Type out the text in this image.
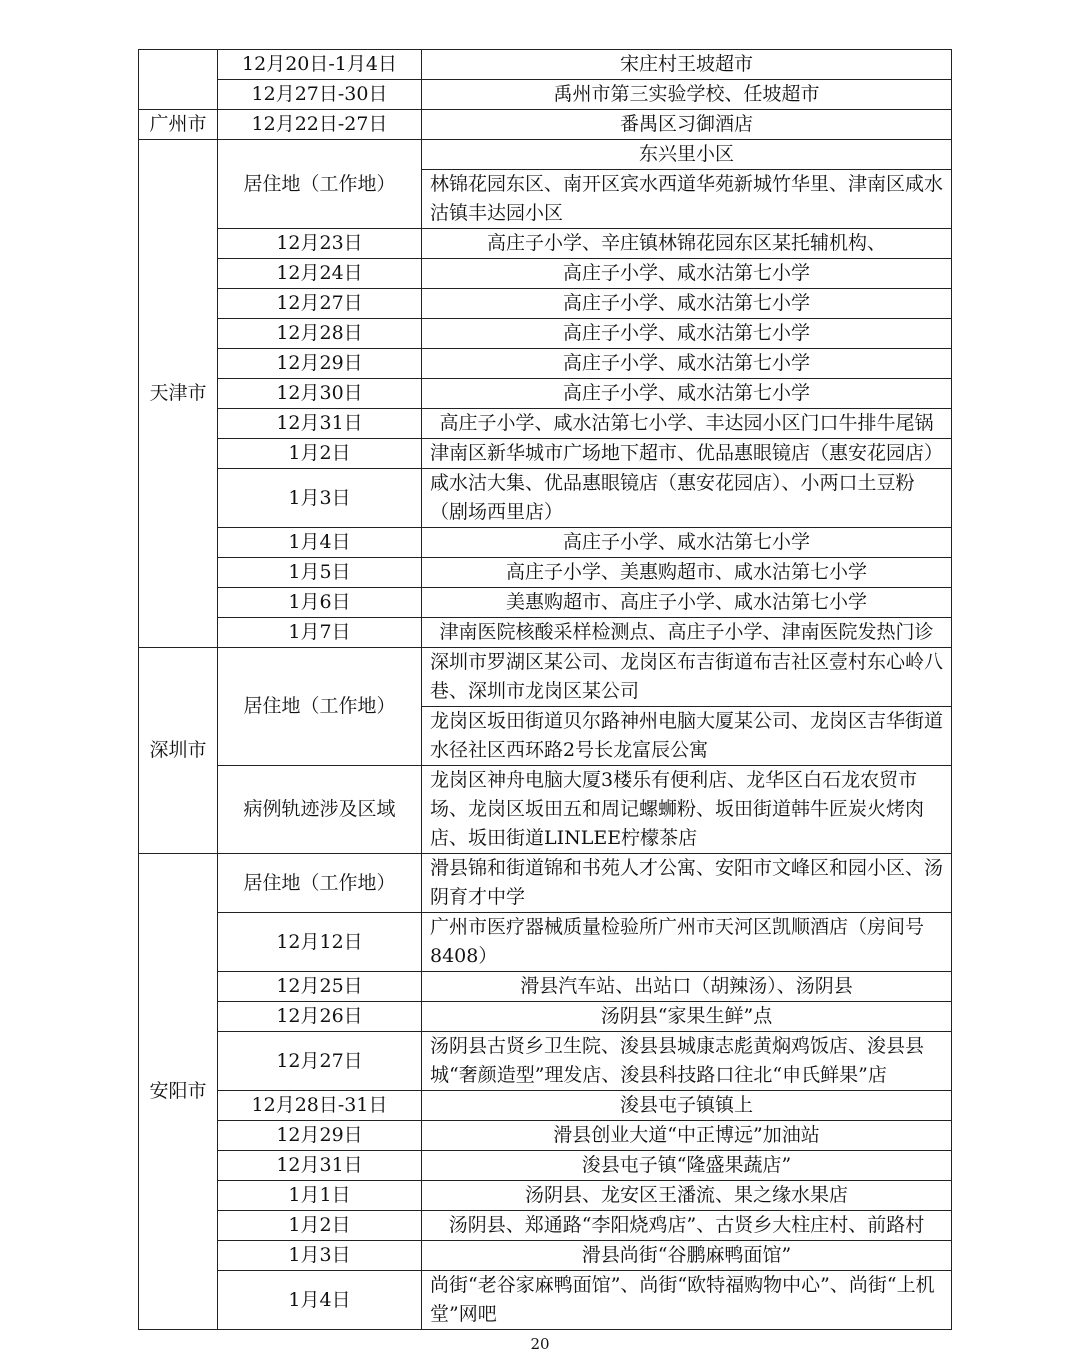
	12月20日-1月4日	宋庄村王坡超市
	12月27日-30日	禹州市第三实验学校、任坡超市
广州市	12月22日-27日	番禺区习御酒店
天津市	居住地（工作地）	东兴里小区
		林锦花园东区、南开区宾水西道华苑新城竹华里、津南区咸水沽镇丰达园小区
	12月23日	高庄子小学、辛庄镇林锦花园东区某托辅机构、
	12月24日	高庄子小学、咸水沽第七小学
	12月27日	高庄子小学、咸水沽第七小学
	12月28日	高庄子小学、咸水沽第七小学
	12月29日	高庄子小学、咸水沽第七小学
	12月30日	高庄子小学、咸水沽第七小学
	12月31日	高庄子小学、咸水沽第七小学、丰达园小区门口牛排牛尾锅
	1月2日	津南区新华城市广场地下超市、优品惠眼镜店（惠安花园店）
	1月3日	咸水沽大集、优品惠眼镜店（惠安花园店）、小两口土豆粉（剧场西里店）
	1月4日	高庄子小学、咸水沽第七小学
	1月5日	高庄子小学、美惠购超市、咸水沽第七小学
	1月6日	美惠购超市、高庄子小学、咸水沽第七小学
	1月7日	津南医院核酸采样检测点、高庄子小学、津南医院发热门诊
深圳市	居住地（工作地）	深圳市罗湖区某公司、龙岗区布吉街道布吉社区壹村东心岭八巷、深圳市龙岗区某公司
		龙岗区坂田街道贝尔路神州电脑大厦某公司、龙岗区吉华街道水径社区西环路2号长龙富辰公寓
	病例轨迹涉及区域	龙岗区神舟电脑大厦3楼乐有便利店、龙华区白石龙农贸市场、龙岗区坂田五和周记螺蛳粉、坂田街道韩牛匠炭火烤肉店、坂田街道LINLEE柠檬茶店
安阳市	居住地（工作地）	滑县锦和街道锦和书苑人才公寓、安阳市文峰区和园小区、汤阴育才中学
	12月12日	广州市医疗器械质量检验所广州市天河区凯顺酒店（房间号8408）
	12月25日	滑县汽车站、出站口（胡辣汤）、汤阴县
	12月26日	汤阴县“家果生鲜”点
	12月27日	汤阴县古贤乡卫生院、浚县县城康志彪黄焖鸡饭店、浚县县城“奢颜造型”理发店、浚县科技路口往北“申氏鲜果”店
	12月28日-31日	浚县屯子镇镇上
	12月29日	滑县创业大道“中正博远”加油站
	12月31日	浚县屯子镇“隆盛果蔬店”
	1月1日	汤阴县、龙安区王潘流、果之缘水果店
	1月2日	汤阴县、郑通路“李阳烧鸡店”、古贤乡大柱庄村、前路村
	1月3日	滑县尚街“谷鹏麻鸭面馆”
	1月4日	尚街“老谷家麻鸭面馆”、尚街“欧特福购物中心”、尚街“上机堂”网吧
20
